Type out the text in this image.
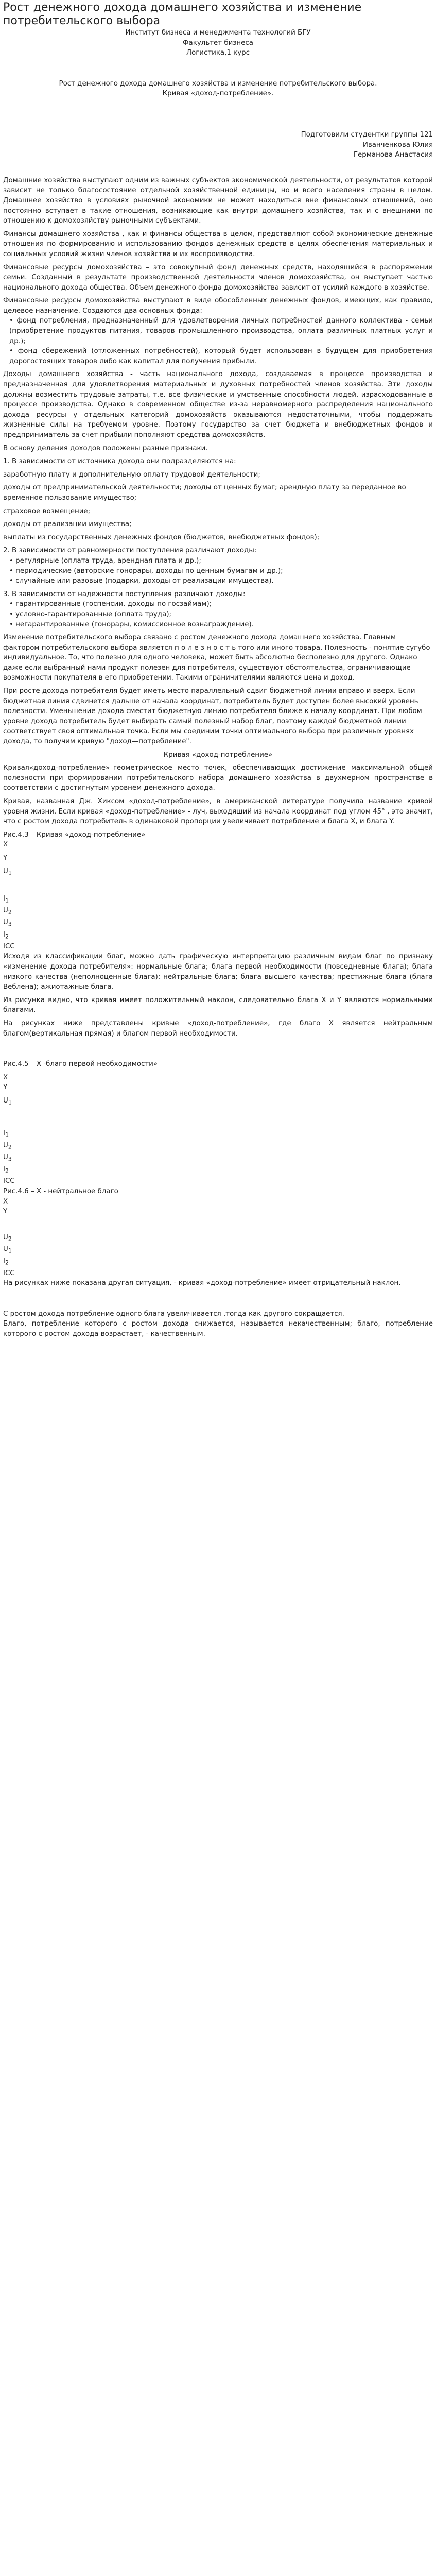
Рост денежного дохода домашнего хозяйства и изменение потребительского выбора

Институт бизнеса и менеджмента технологий БГУ

Факультет бизнеса

Логистика,1 курс

Рост денежного дохода домашнего хозяйства и изменение потребительского выбора.

Кривая «доход-потребление».

Подготовили студентки группы 121

Иванченкова Юлия

Германова Анастасия

Домашние хозяйства выступают одним из важных субъектов экономической деятельности, от результатов которой зависит не только благосостояние отдельной хозяйственной единицы, но и всего населения страны в целом. Домашнее хозяйство в условиях рыночной экономики не может находиться вне финансовых отношений, оно постоянно вступает в такие отношения, возникающие как внутри домашнего хозяйства, так и с внешними по отношению к домохозяйству рыночными субъектами.

Финансы домашнего хозяйства , как и финансы общества в целом, представляют собой экономические денежные отношения по формированию и использованию фондов денежных средств в целях обеспечения материальных и социальных условий жизни членов хозяйства и их воспроизводства.

Финансовые ресурсы домохозяйства – это совокупный фонд денежных средств, находящийся в распоряжении семьи. Созданный в результате производственной деятельности членов домохозяйства, он выступает частью национального дохода общества. Объем денежного фонда домохозяйства зависит от усилий каждого в хозяйстве.

Финансовые ресурсы домохозяйства выступают в виде обособленных денежных фондов, имеющих, как правило, целевое назначение. Создаются два основных фонда:

• фонд потребления, предназначенный для удовлетворения личных потребностей данного коллектива - семьи (приобретение продуктов питания, товаров промышленного производства, оплата различных платных услуг и др.);

• фонд сбережений (отложенных потребностей), который будет использован в будущем для приобретения дорогостоящих товаров либо как капитал для получения прибыли.

Доходы домашнего хозяйства - часть национального дохода, создаваемая в процессе производства и предназначенная для удовлетворения материальных и духовных потребностей членов хозяйства. Эти доходы должны возместить трудовые затраты, т.е. все физические и умственные способности людей, израсходованные в процессе производства. Однако в современном обществе из-за неравномерного распределения национального дохода ресурсы у отдельных категорий домохозяйств оказываются недостаточными, чтобы поддержать жизненные силы на требуемом уровне. Поэтому государство за счет бюджета и внебюджетных фондов и предприниматель за счет прибыли пополняют средства домохозяйств.

В основу деления доходов положены разные признаки.

1. В зависимости от источника дохода они подразделяются на:

заработную плату и дополнительную оплату трудовой деятельности;

доходы от предпринимательской деятельности; доходы от ценных бумаг; арендную плату за переданное во временное пользование имущество;

страховое возмещение;

доходы от реализации имущества;

выплаты из государственных денежных фондов (бюджетов, внебюджетных фондов);

2. В зависимости от равномерности поступления различают доходы:

• регулярные (оплата труда, арендная плата и др.);

• периодические (авторские гонорары, доходы по ценным бумагам и др.);

• случайные или разовые (подарки, доходы от реализации имущества).

3. В зависимости от надежности поступления различают доходы:

• гарантированные (госпенсии, доходы по госзаймам);

• условно-гарантированные (оплата труда);

• негарантированные (гонорары, комиссионное вознаграждение).

Изменение потребительского выбора связано с ростом денежного дохода домашнего хозяйства. Главным фактором потребительского выбора является п о л е з н о с т ь того или иного товара. Полезность - понятие сугубо индивидуальное. То, что полезно для одного человека, может быть абсолютно бесполезно для другого. Однако даже если выбранный нами продукт полезен для потребителя, существуют обстоятельства, ограничивающие возможности покупателя в его приобретении. Такими ограничителями являются цена и доход.

При росте дохода потребителя будет иметь место параллельный сдвиг бюджетной линии вправо и вверх. Если бюджетная линия сдвинется дальше от начала координат, потребитель будет доступен более высокий уровень полезности. Уменьшение дохода сместит бюджетную линию потребителя ближе к началу координат. При любом уровне дохода потребитель будет выбирать самый полезный набор благ, поэтому каждой бюджетной линии соответствует своя оптимальная точка. Если мы соединим точки оптимального выбора при различных уровнях дохода, то получим кривую "доход—потребление".

Кривая «доход-потребление»

Кривая«доход-потребление»–геометрическое место точек, обеспечивающих достижение максимальной общей полезности при формировании потребительского набора домашнего хозяйства в двухмерном пространстве в соответствии с достигнутым уровнем денежного дохода.

Кривая, названная Дж. Хиксом «доход-потребление», в американской литературе получила название кривой уровня жизни. Если кривая «доход-потребление» - луч, выходящий из начала координат под углом 45° , это значит, что с ростом дохода потребитель в одинаковой пропорции увеличивает потребление и блага X, и блага Y.

Рис.4.3 – Кривая «доход-потребление»

X

Y

$U_1$

$I_1$

$U_2$

$U_3$

$I_2$

ICC

Исходя из классификации благ, можно дать графическую интерпретацию различным видам благ по признаку «изменение дохода потребителя»: нормальные блага; блага первой необходимости (повседневные блага); блага низкого качества (неполноценные блага); нейтральные блага; блага высшего качества; престижные блага (блага Веблена); ажиотажные блага.

Из рисунка видно, что кривая имеет положительный наклон, следовательно блага X и Y являются нормальными благами.

На рисунках ниже представлены кривые «доход-потребление», где благо Х является нейтральным благом(вертикальная прямая) и благом первой необходимости.

Рис.4.5 – Х -благо первой необходимости»

X

Y

$U_1$

$I_1$

$U_2$

$U_3$

$I_2$

ICC

Рис.4.6 – Х - нейтральное благо

X

Y

$U_2$

$U_1$

$I_2$

ICC

На рисунках ниже показана другая ситуация, - кривая «доход-потребление» имеет отрицательный наклон.

С ростом дохода потребление одного блага увеличивается ,тогда как другого сокращается.

Благо, потребление которого с ростом дохода снижается, называется некачественным; благо, потребление которого с ростом дохода возрастает, - качественным.
